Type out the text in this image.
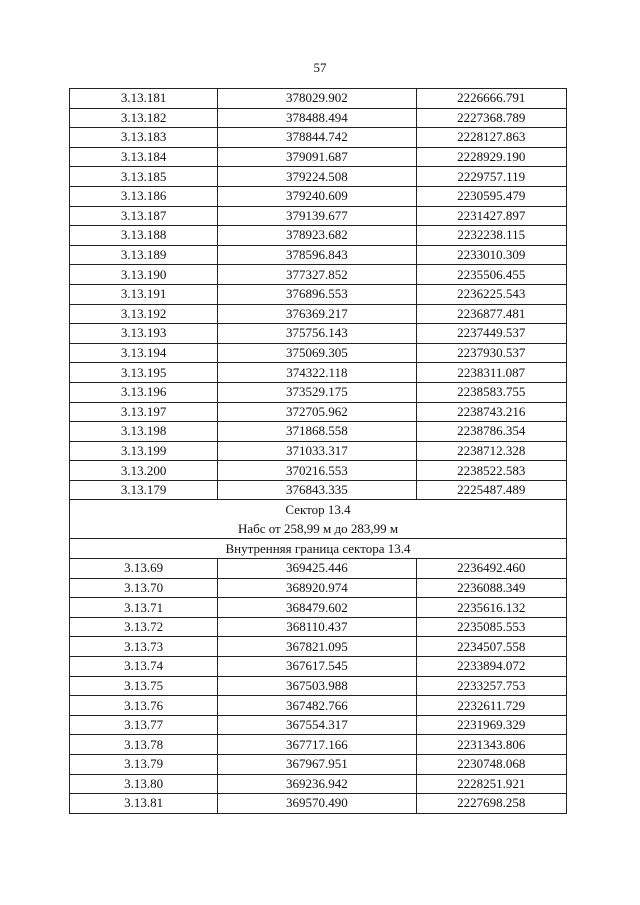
57
3.13.181	378029.902	2226666.791
3.13.182	378488.494	2227368.789
3.13.183	378844.742	2228127.863
3.13.184	379091.687	2228929.190
3.13.185	379224.508	2229757.119
3.13.186	379240.609	2230595.479
3.13.187	379139.677	2231427.897
3.13.188	378923.682	2232238.115
3.13.189	378596.843	2233010.309
3.13.190	377327.852	2235506.455
3.13.191	376896.553	2236225.543
3.13.192	376369.217	2236877.481
3.13.193	375756.143	2237449.537
3.13.194	375069.305	2237930.537
3.13.195	374322.118	2238311.087
3.13.196	373529.175	2238583.755
3.13.197	372705.962	2238743.216
3.13.198	371868.558	2238786.354
3.13.199	371033.317	2238712.328
3.13.200	370216.553	2238522.583
3.13.179	376843.335	2225487.489

Сектор 13.4
Набс от 258,99 м до 283,99 м		

Внутренняя граница сектора 13.4		
3.13.69	369425.446	2236492.460
3.13.70	368920.974	2236088.349
3.13.71	368479.602	2235616.132
3.13.72	368110.437	2235085.553
3.13.73	367821.095	2234507.558
3.13.74	367617.545	2233894.072
3.13.75	367503.988	2233257.753
3.13.76	367482.766	2232611.729
3.13.77	367554.317	2231969.329
3.13.78	367717.166	2231343.806
3.13.79	367967.951	2230748.068
3.13.80	369236.942	2228251.921
3.13.81	369570.490	2227698.258
